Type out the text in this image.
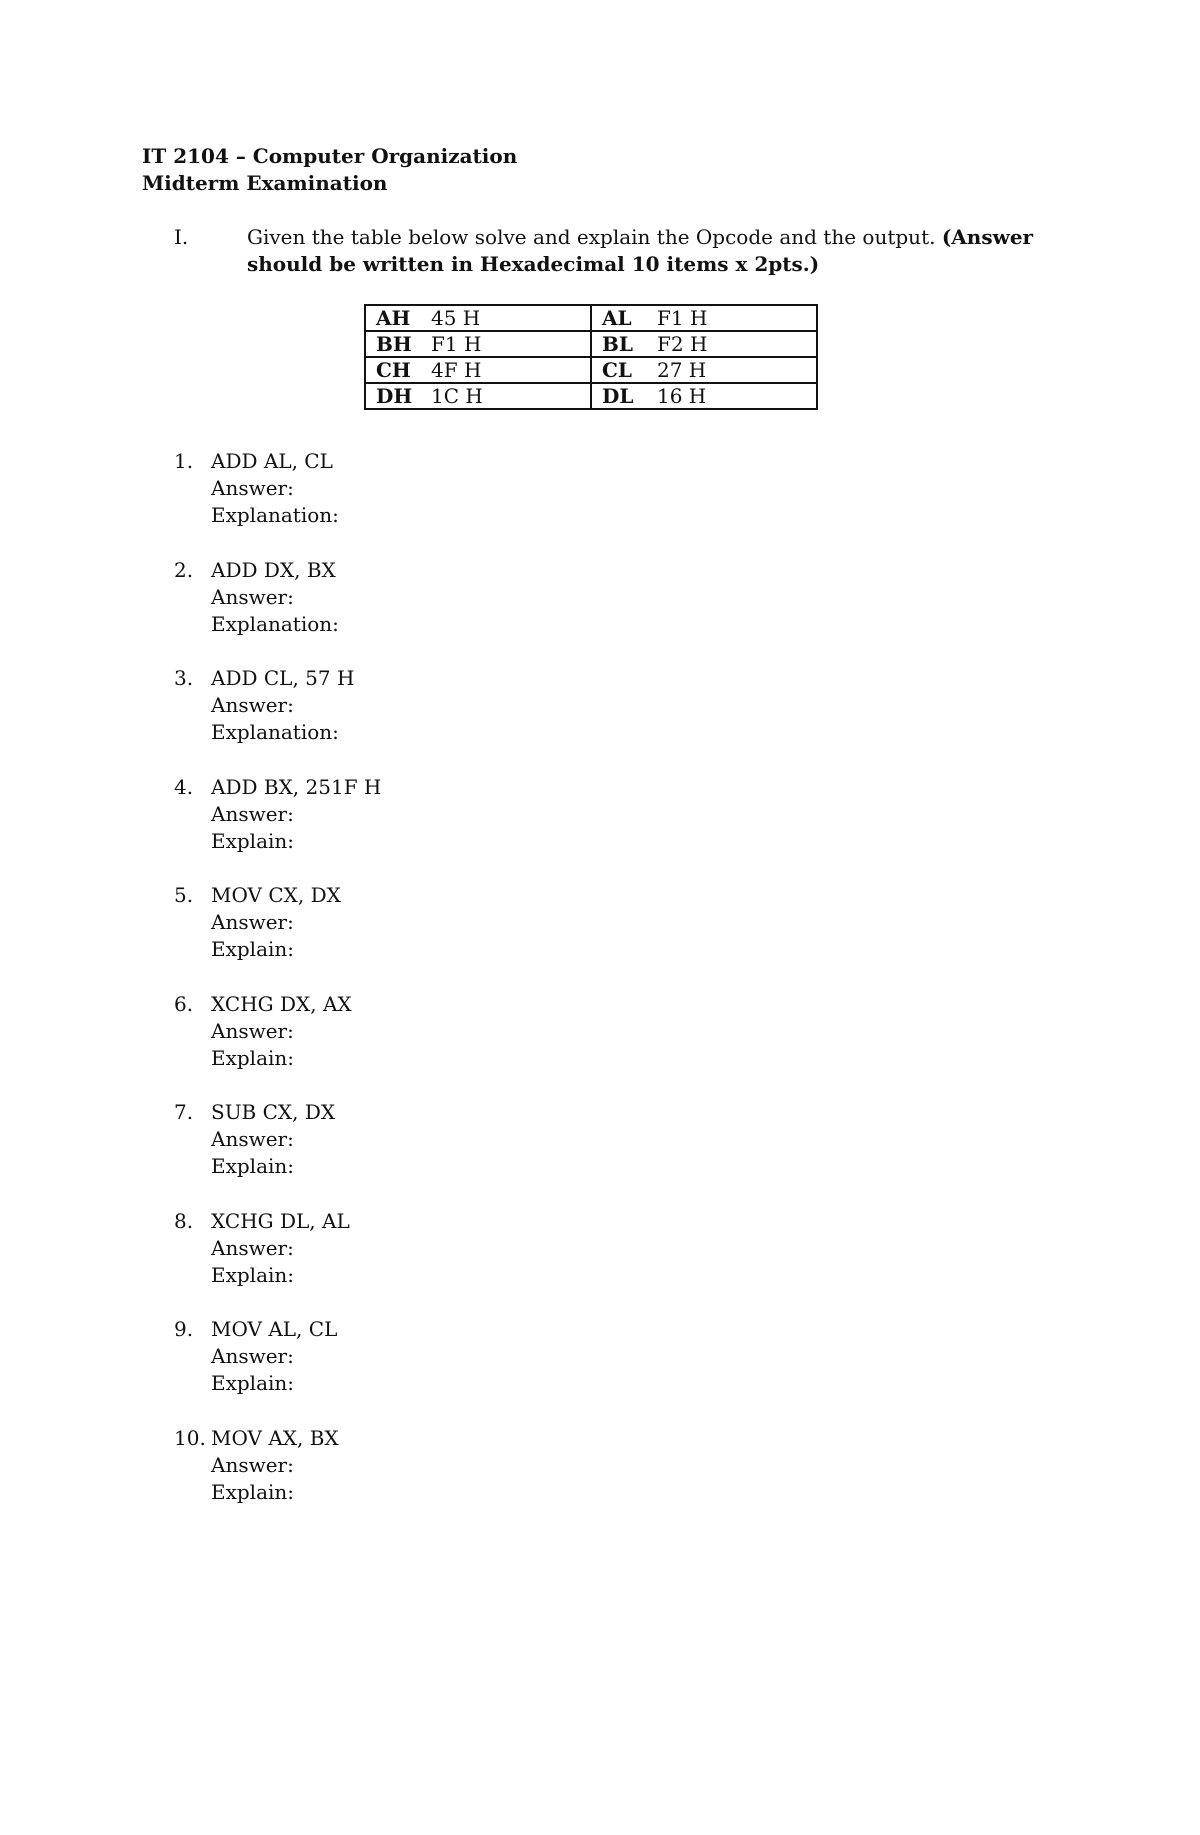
IT 2104 – Computer Organization
Midterm Examination
I.	Given the table below solve and explain the Opcode and the output. (Answer should be written in Hexadecimal 10 items x 2pts.)
AH 45 H	AL F1 H
BH F1 H	BL F2 H
CH 4F H	CL 27 H
DH 1C H	DL 16 H
1. ADD AL, CL
Answer:
Explanation:
2. ADD DX, BX
Answer:
Explanation:
3. ADD CL, 57 H
Answer:
Explanation:
4. ADD BX, 251F H
Answer:
Explain:
5. MOV CX, DX
Answer:
Explain:
6. XCHG DX, AX
Answer:
Explain:
7. SUB CX, DX
Answer:
Explain:
8. XCHG DL, AL
Answer:
Explain:
9. MOV AL, CL
Answer:
Explain:
10. MOV AX, BX
Answer:
Explain:
